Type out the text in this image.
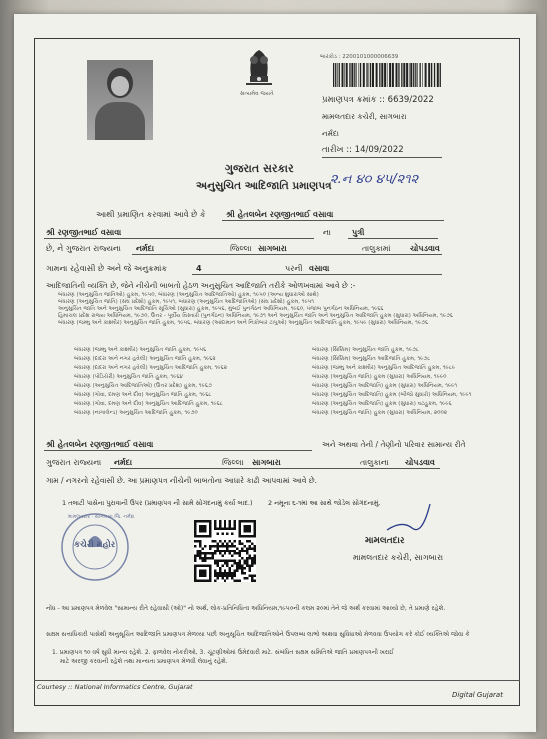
સત્યમેવ જયતે
બારકોડ : 2200101000006639
પ્રમાણપત્ર ક્રમાંક :: 6639/2022
મામલતદાર કચેરી, સાગબારા
નર્મદા
તારીખ :: 14/09/2022
ગુજરાત સરકાર
અનુસુચિત આદિજાતિ પ્રમાણપત્ર
૨.ન ૪૦ ૪૫/૨૧૨
આથી પ્રમાણિત કરવામાં આવે છે કે	શ્રી હેતલબેન રણજીતભાઈ વસાવા
શ્રી રણજીતભાઈ વસાવા	ના	પુત્રી
છે, ને ગુજરાત રાજ્યના નર્મદા	જિલ્લા સાગબારા	તાલુકામાં ચોપડવાવ
ગામના રહેવાસી છે અને જે અનુક્રમાંક	4	પરની વસાવા
આદિજાતિની વ્યક્તિ છે, જેને નીચેની બાબતો હેઠળ અનુસુચિત આદિજાતિ તરીકે ઓળખવામાં આવે છે :-
બંધારણ (અનુસુચિત જાતિઓ) હુકમ, ૧૯૫૦, બંધારણ (અનુસુચિત આદિજાતિઓ) હુકમ, ૧૯૫૦ (અન્ય શુધારાઓ સાથે)
બંધારણ (અનુસુચિત જાતિ) (સંઘ પ્રદેશો) હુકમ, ૧૯૫૧, બંધારણ (અનુસુચિત આદિજાતિઓ) (સંઘ પ્રદેશો) હુકમ, ૧૯૫૧
અનુસુચિત જાતિ અને અનુસુચિત આદિજાતિ સૂચિઓ (સુધારા) હુકમ, ૧૯૫૬, મુંબઈ પુનર્ગઠન અધિનિયમ, ૧૯૬૦, પંજાબ પુનર્ગઠન અધિનિયમ, ૧૯૬૬
હિમાચલ પ્રદેશ રાજ્ય અધિનિયમ, ૧૯૭૦, ઉત્તર - પૂર્વીય વિસ્તારો (પુનર્ગઠન) અધિનિયમ, ૧૯૭૧ અને અનુસુચિત જાતિ અને અનુસુચિત આદિજાતિ હુકમ (સુધારા) અધિનિયમ, ૧૯૭૬
બંધારણ (જમ્મુ અને કાશ્મીર) અનુસુચિત જાતિ હુકમ, ૧૯૫૬, બંધારણ (આંદામાન અને નિકોબાર ટાપુઓ) અનુસુચિત આદિજાતિ હુકમ, ૧૯૫૯ (સુધારા) અધિનિયમ, ૧૯૭૬
બંધારણ (જમ્મુ અને કાશ્મીર) અનુસુચિત જાતિ હુકમ, ૧૯૫૬
બંધારણ (દાદરા અને નગર હવેલી) અનુસુચિત જાતિ હુકમ, ૧૯૬૨
બંધારણ (દાદરા અને નગર હવેલી) અનુસુચિત આદિજાતિ હુકમ, ૧૯૬૨
બંધારણ (પોંડિચેરી) અનુસુચિત જાતિ હુકમ, ૧૯૬૪
બંધારણ (અનુસુચિત આદિજાતિઓ) (ઉત્તર પ્રદેશ) હુકમ, ૧૯૬૭
બંધારણ (ગોવા, દમણ અને દીવ) અનુસુચિત જાતિ હુકમ, ૧૯૬૮
બંધારણ (ગોવા, દમણ અને દીવ) અનુસુચિત આદિજાતિ હુકમ, ૧૯૬૮
બંધારણ (નાગાલેન્ડ) અનુસુચિત આદિજાતિ હુકમ, ૧૯૭૦
બંધારણ (સિક્કિમ) અનુસુચિત જાતિ હુકમ, ૧૯૭૮
બંધારણ (સિક્કિમ) અનુસુચિત આદિજાતિ હુકમ, ૧૯૭૮
બંધારણ (જમ્મુ અને કાશ્મીર) અનુસુચિત આદિજાતિ હુકમ, ૧૯૮૯
બંધારણ (અનુસુચિત જાતિ) હુકમ (સુધારા) અધિનિયમ, ૧૯૯૦
બંધારણ (અનુસુચિત આદિજાતિ) હુકમ (સુધારા) અધિનિયમ, ૧૯૯૧
બંધારણ (અનુસુચિત આદિજાતિ) હુકમ (બીજો સુધારો) અધિનિયમ, ૧૯૯૧
બંધારણ (અનુસુચિત આદિજાતિ) હુકમ (સુધારા) વટહુકમ, ૧૯૯૬
બંધારણ (અનુસુચિત જાતિ) હુકમ (સુધારા) અધિનિયમ, ૨૦૦૨
શ્રી હેતલબેન રણજીતભાઈ વસાવા	અને અથવા તેની / તેણીનો પરિવાર સામાન્ય રીતે
ગુજરાત રાજ્યના નર્મદા	જિલ્લા સાગબારા	તાલુકાના ચોપડવાવ
ગામ / નગરનો રહેવાસી છે. આ પ્રમાણપત્ર નીચેની બાબતોના આધારે કાઢી આપવામાં આવે છે.
1 તલાટી પાસેના પુરાવાની ઉપર (પ્રમાણપત્ર ની સામે સોગંદનામું કર્યા બાદ.) 2 નમૂના ૬-૧માં આ સાથે જોડેલ સોગંદનામું.
કચેરી મહોર
મામલતદાર · સાગબારા જિ. નર્મદા
મામલતદાર
મામલતદાર કચેરી, સાગબારા
નોંધ - આ પ્રમાણપત્ર મેળવેલ "સામાન્ય રીતે રહેવાસી (ઓ)" નો અર્થ, લોક-પ્રતિનિધિત્વ અધિનિયમ,૧૯૫૦ની કલમ ૨૦માં તેને જે અર્થ કરવામાં આવ્યો છે, તે પ્રમાણે રહેશે.
સક્ષમ સત્તાધિકારી પાસેથી અનુસૂચિત આદિજાતિ પ્રમાણપત્ર મેળવ્યા પછી અનુસૂચિત આદિજાતિઓને ઉપલબ્ધ લાભો અથવા સુવિધાઓ મેળવવા ઉપયોગ કરે કોઈ વ્યક્તિએ જોવા કે
1. પ્રમાણપત્ર ૧૦ વર્ષ સુધી માન્ય રહેશે. 2. ફાળવેલ નોકરીઓ, 3. ચૂંટણીઓમાં ઉમેદવારી માટે. સંબંધિત સક્ષમ સમિતિએ જાતિ પ્રમાણપત્રની ખરાઈ
માટે અરજી કરવાની રહેશે તથા માન્યતા પ્રમાણપત્ર મેળવી લેવાનું રહેશે.
Courtesy :: National Informatics Centre, Gujarat
Digital Gujarat
